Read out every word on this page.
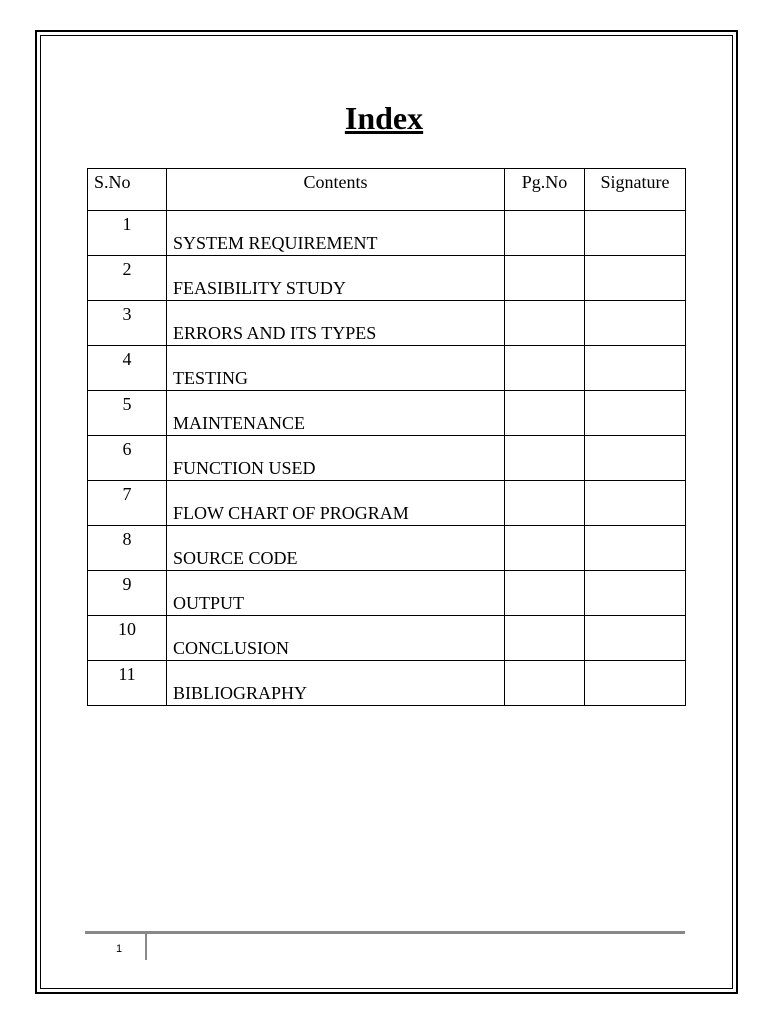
Index
S.No	Contents	Pg.No	Signature
1	SYSTEM REQUIREMENT		
2	FEASIBILITY STUDY		
3	ERRORS AND ITS TYPES		
4	TESTING		
5	MAINTENANCE		
6	FUNCTION USED		
7	FLOW CHART OF PROGRAM		
8	SOURCE CODE		
9	OUTPUT		
10	CONCLUSION		
11	BIBLIOGRAPHY		
1
